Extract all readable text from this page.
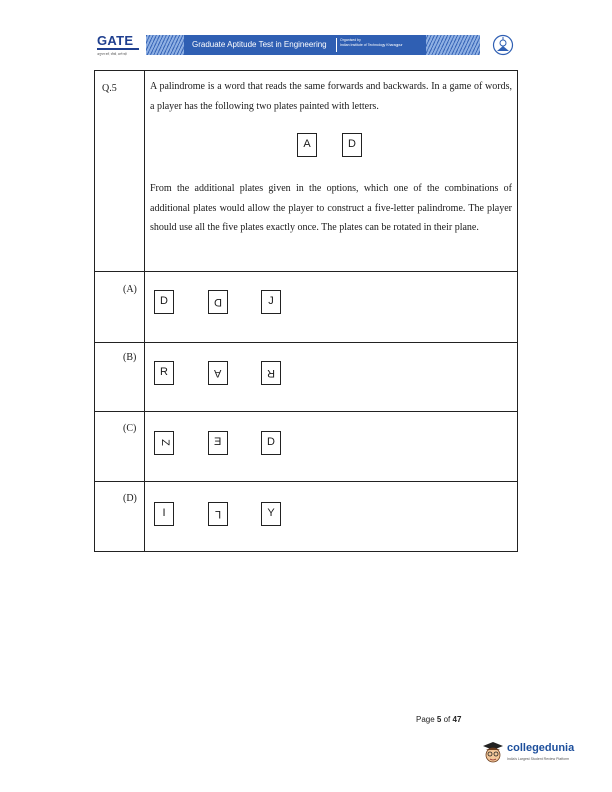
GATE
अनुभव करें, सीखें, आगे बढ़ें
Graduate Aptitude Test in Engineering	Organised by
Indian Institute of Technology Kharagpur
Q.5	A palindrome is a word that reads the same forwards and backwards. In a game of words, a player has the following two plates painted with letters.

A	D

From the additional plates given in the options, which one of the combinations of additional plates would allow the player to construct a five-letter palindrome. The player should use all the five plates exactly once. The plates can be rotated in their plane.

(A)
D	D	J
(B)
R	A	R
(C)
Z	E	D
(D)
I	L	Y
Page 5 of 47
collegedunia
India's Largest Student Review Platform
